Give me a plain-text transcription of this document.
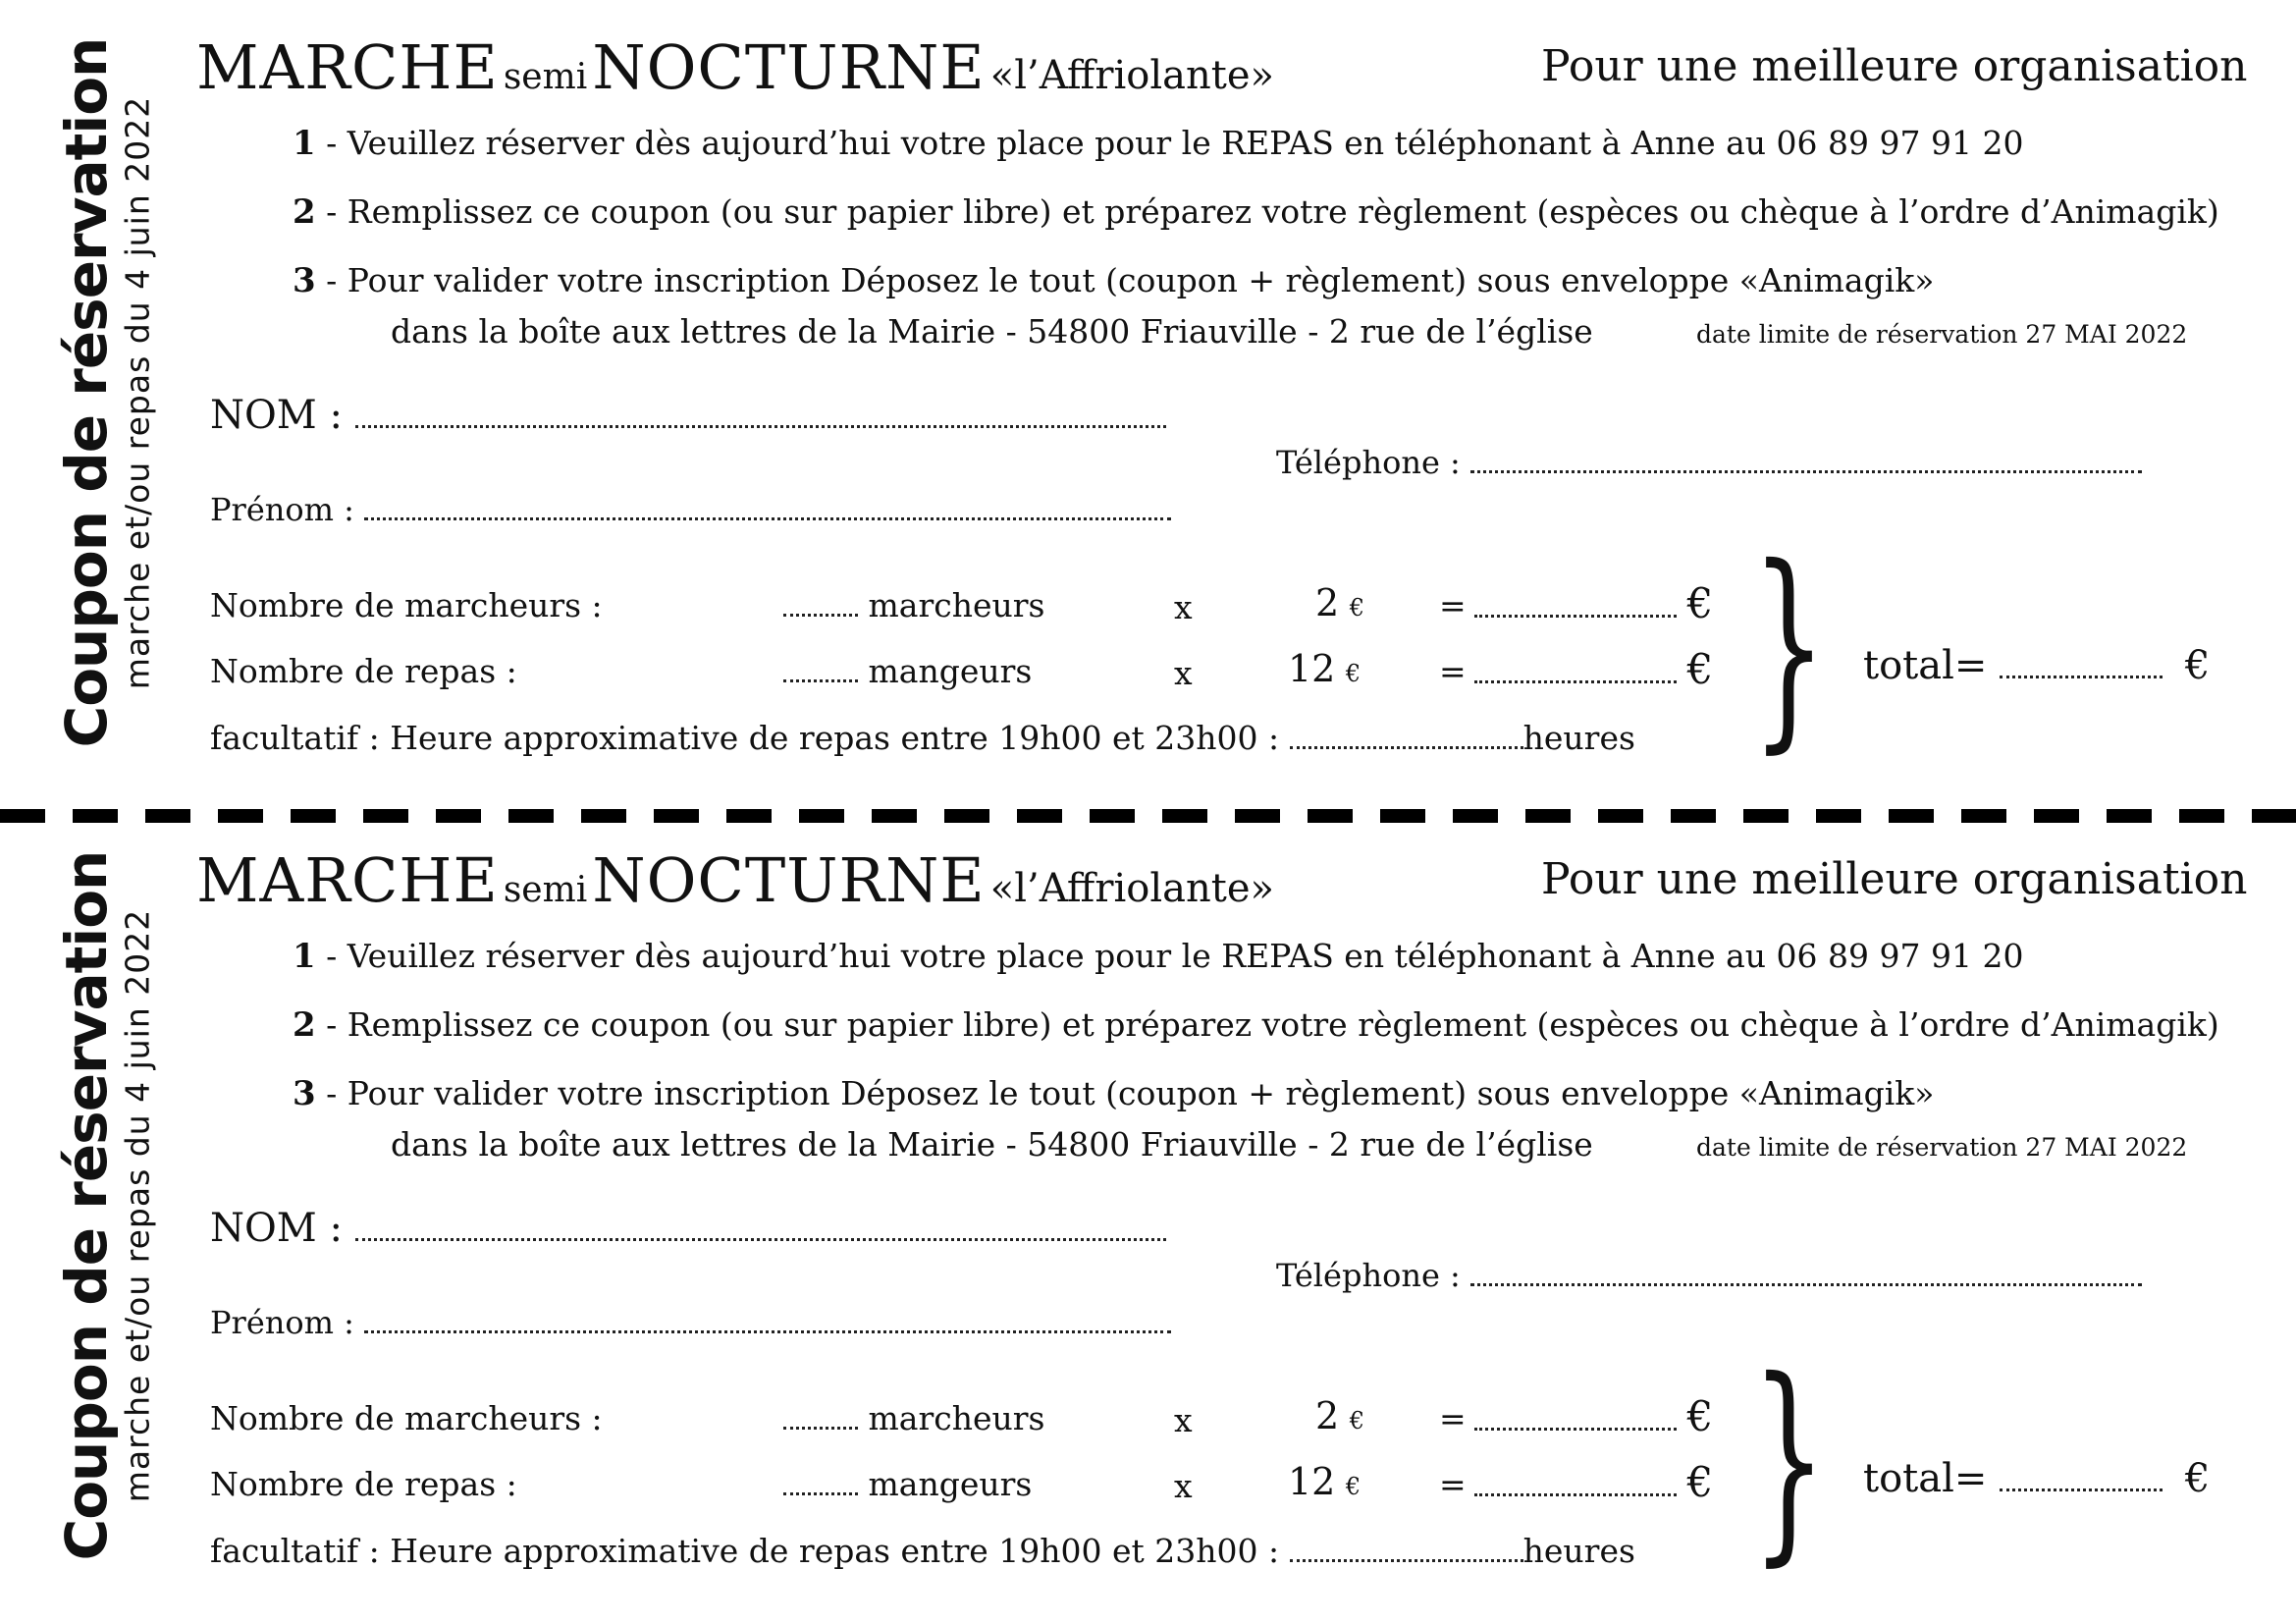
Coupon de réservation
marche et/ou repas du 4 juin 2022
MARCHE semi NOCTURNE «l’Affriolante»	Pour une meilleure organisation
1 - Veuillez réserver dès aujourd’hui votre place pour le REPAS en téléphonant à Anne au 06 89 97 91 20
2 - Remplissez ce coupon (ou sur papier libre) et préparez votre règlement (espèces ou chèque à l’ordre d’Animagik)
3 - Pour valider votre inscription Déposez le tout (coupon + règlement) sous enveloppe «Animagik»
dans la boîte aux lettres de la Mairie - 54800 Friauville - 2 rue de l’église	date limite de réservation 27 MAI 2022
NOM :
Téléphone :
Prénom :
Nombre de marcheurs :	marcheurs	x	2 € =	€
Nombre de repas :	mangeurs	x	12 € =	€ } total=	€
facultatif : Heure approximative de repas entre 19h00 et 23h00 :	heures
Coupon de réservation
marche et/ou repas du 4 juin 2022
MARCHE semi NOCTURNE «l’Affriolante»	Pour une meilleure organisation
1 - Veuillez réserver dès aujourd’hui votre place pour le REPAS en téléphonant à Anne au 06 89 97 91 20
2 - Remplissez ce coupon (ou sur papier libre) et préparez votre règlement (espèces ou chèque à l’ordre d’Animagik)
3 - Pour valider votre inscription Déposez le tout (coupon + règlement) sous enveloppe «Animagik»
dans la boîte aux lettres de la Mairie - 54800 Friauville - 2 rue de l’église	date limite de réservation 27 MAI 2022
NOM :
Téléphone :
Prénom :
Nombre de marcheurs :	marcheurs	x	2 € =	€
Nombre de repas :	mangeurs	x	12 € =	€ } total=	€
facultatif : Heure approximative de repas entre 19h00 et 23h00 :	heures
